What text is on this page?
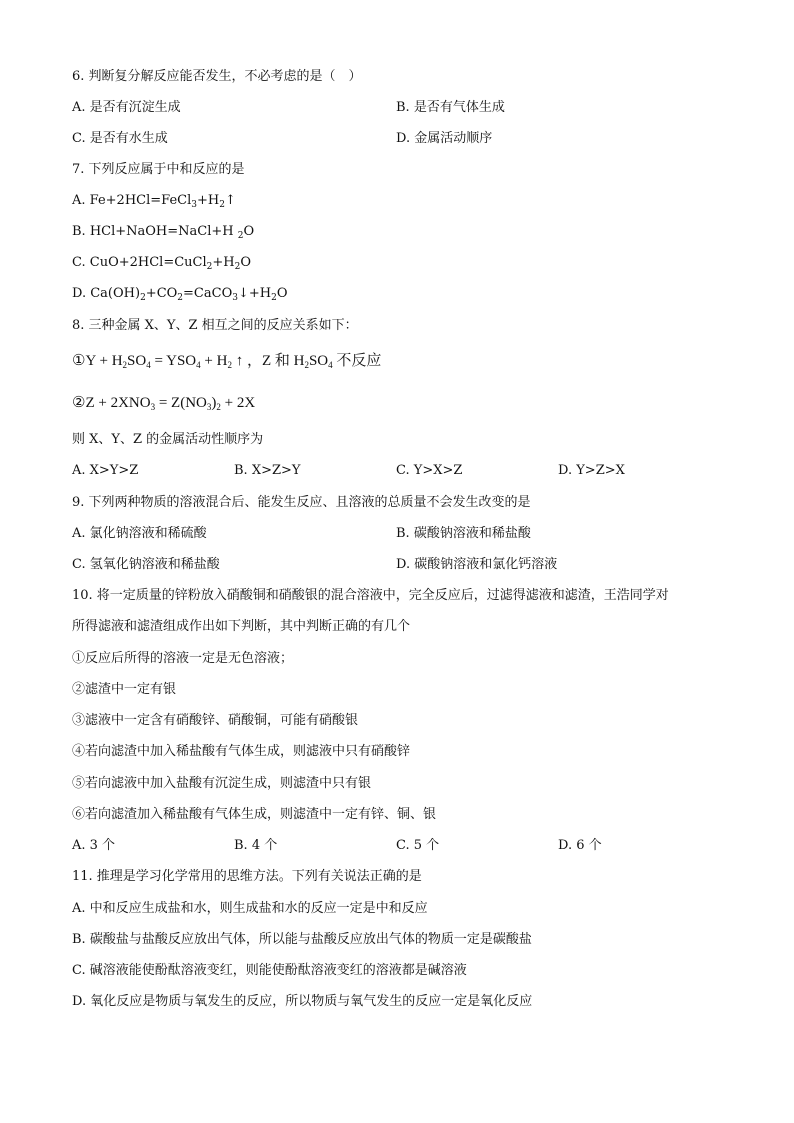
6. 判断复分解反应能否发生，不必考虑的是（　）
A. 是否有沉淀生成	B. 是否有气体生成
C. 是否有水生成	D. 金属活动顺序
7. 下列反应属于中和反应的是
A. $Fe+2HCl=FeCl_3+H_2↑$
B. HCl+NaOH=NaCl+H $_2$O
C. $CuO+2HCl=CuCl_2+H_2O$
D. $Ca(OH)_2+CO_2=CaCO_3↓+H_2O$
8. 三种金属 X、Y、Z 相互之间的反应关系如下：
①Y + $H_2SO_4 = YSO_4 + H_2$ ↑ ，Z 和 $H_2SO_4$ 不反应
②Z + $2XNO_3 = Z(NO_3)_2 + 2X$
则 X、Y、Z 的金属活动性顺序为
A. X>Y>Z	B. X>Z>Y	C. Y>X>Z	D. Y>Z>X
9. 下列两种物质的溶液混合后、能发生反应、且溶液的总质量不会发生改变的是
A. 氯化钠溶液和稀硫酸	B. 碳酸钠溶液和稀盐酸
C. 氢氧化钠溶液和稀盐酸	D. 碳酸钠溶液和氯化钙溶液
10. 将一定质量的锌粉放入硝酸铜和硝酸银的混合溶液中，完全反应后，过滤得滤液和滤渣，王浩同学对
所得滤液和滤渣组成作出如下判断，其中判断正确的有几个
①反应后所得的溶液一定是无色溶液；
②滤渣中一定有银
③滤液中一定含有硝酸锌、硝酸铜，可能有硝酸银
④若向滤渣中加入稀盐酸有气体生成，则滤液中只有硝酸锌
⑤若向滤液中加入盐酸有沉淀生成，则滤渣中只有银
⑥若向滤渣加入稀盐酸有气体生成，则滤渣中一定有锌、铜、银
A. 3 个	B. 4 个	C. 5 个	D. 6 个
11. 推理是学习化学常用的思维方法。下列有关说法正确的是
A. 中和反应生成盐和水，则生成盐和水的反应一定是中和反应
B. 碳酸盐与盐酸反应放出气体，所以能与盐酸反应放出气体的物质一定是碳酸盐
C. 碱溶液能使酚酞溶液变红，则能使酚酞溶液变红的溶液都是碱溶液
D. 氧化反应是物质与氧发生的反应，所以物质与氧气发生的反应一定是氧化反应
